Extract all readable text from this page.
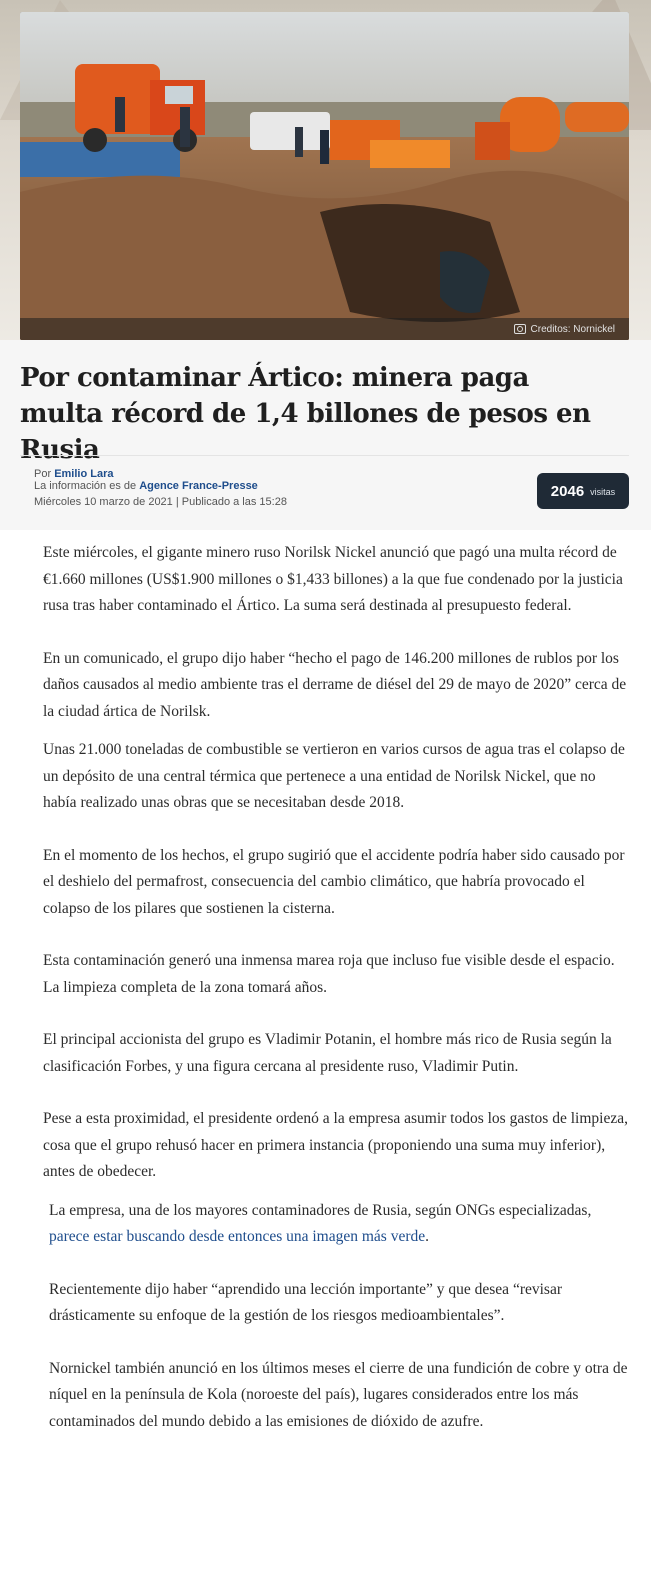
Creditos: Nornickel
Por contaminar Ártico: minera paga multa récord de 1,4 billones de pesos en Rusia
Por Emilio Lara
La información es de Agence France-Presse
Miércoles 10 marzo de 2021 | Publicado a las 15:28
2046 visitas

Este miércoles, el gigante minero ruso Norilsk Nickel anunció que pagó una multa récord de €1.660 millones (US$1.900 millones o $1,433 billones) a la que fue condenado por la justicia rusa tras haber contaminado el Ártico. La suma será destinada al presupuesto federal.

En un comunicado, el grupo dijo haber “hecho el pago de 146.200 millones de rublos por los daños causados al medio ambiente tras el derrame de diésel del 29 de mayo de 2020” cerca de la ciudad ártica de Norilsk.

Unas 21.000 toneladas de combustible se vertieron en varios cursos de agua tras el colapso de un depósito de una central térmica que pertenece a una entidad de Norilsk Nickel, que no había realizado unas obras que se necesitaban desde 2018.

En el momento de los hechos, el grupo sugirió que el accidente podría haber sido causado por el deshielo del permafrost, consecuencia del cambio climático, que habría provocado el colapso de los pilares que sostienen la cisterna.

Esta contaminación generó una inmensa marea roja que incluso fue visible desde el espacio. La limpieza completa de la zona tomará años.

El principal accionista del grupo es Vladimir Potanin, el hombre más rico de Rusia según la clasificación Forbes, y una figura cercana al presidente ruso, Vladimir Putin.

Pese a esta proximidad, el presidente ordenó a la empresa asumir todos los gastos de limpieza, cosa que el grupo rehusó hacer en primera instancia (proponiendo una suma muy inferior), antes de obedecer.

La empresa, una de los mayores contaminadores de Rusia, según ONGs especializadas, parece estar buscando desde entonces una imagen más verde.

Recientemente dijo haber “aprendido una lección importante” y que desea “revisar drásticamente su enfoque de la gestión de los riesgos medioambientales”.

Nornickel también anunció en los últimos meses el cierre de una fundición de cobre y otra de níquel en la península de Kola (noroeste del país), lugares considerados entre los más contaminados del mundo debido a las emisiones de dióxido de azufre.
